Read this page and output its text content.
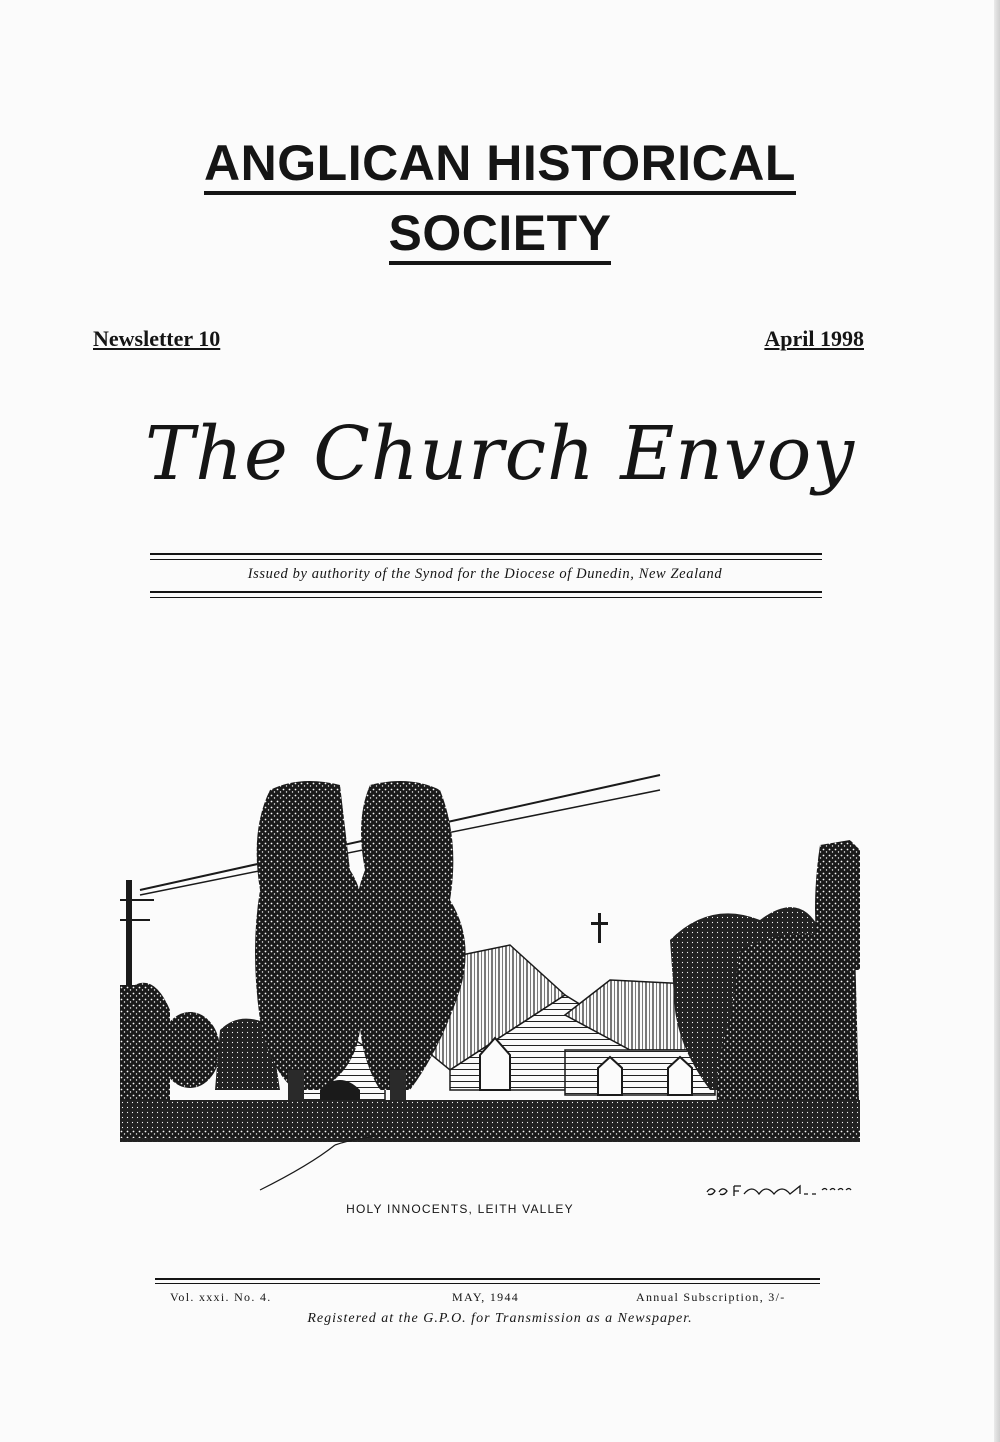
ANGLICAN HISTORICAL
SOCIETY
Newsletter 10	April 1998
The Church Envoy
Issued by authority of the Synod for the Diocese of Dunedin, New Zealand
HOLY INNOCENTS, LEITH VALLEY
Vol. xxxi. No. 4.	MAY, 1944	Annual Subscription, 3/-
Registered at the G.P.O. for Transmission as a Newspaper.
